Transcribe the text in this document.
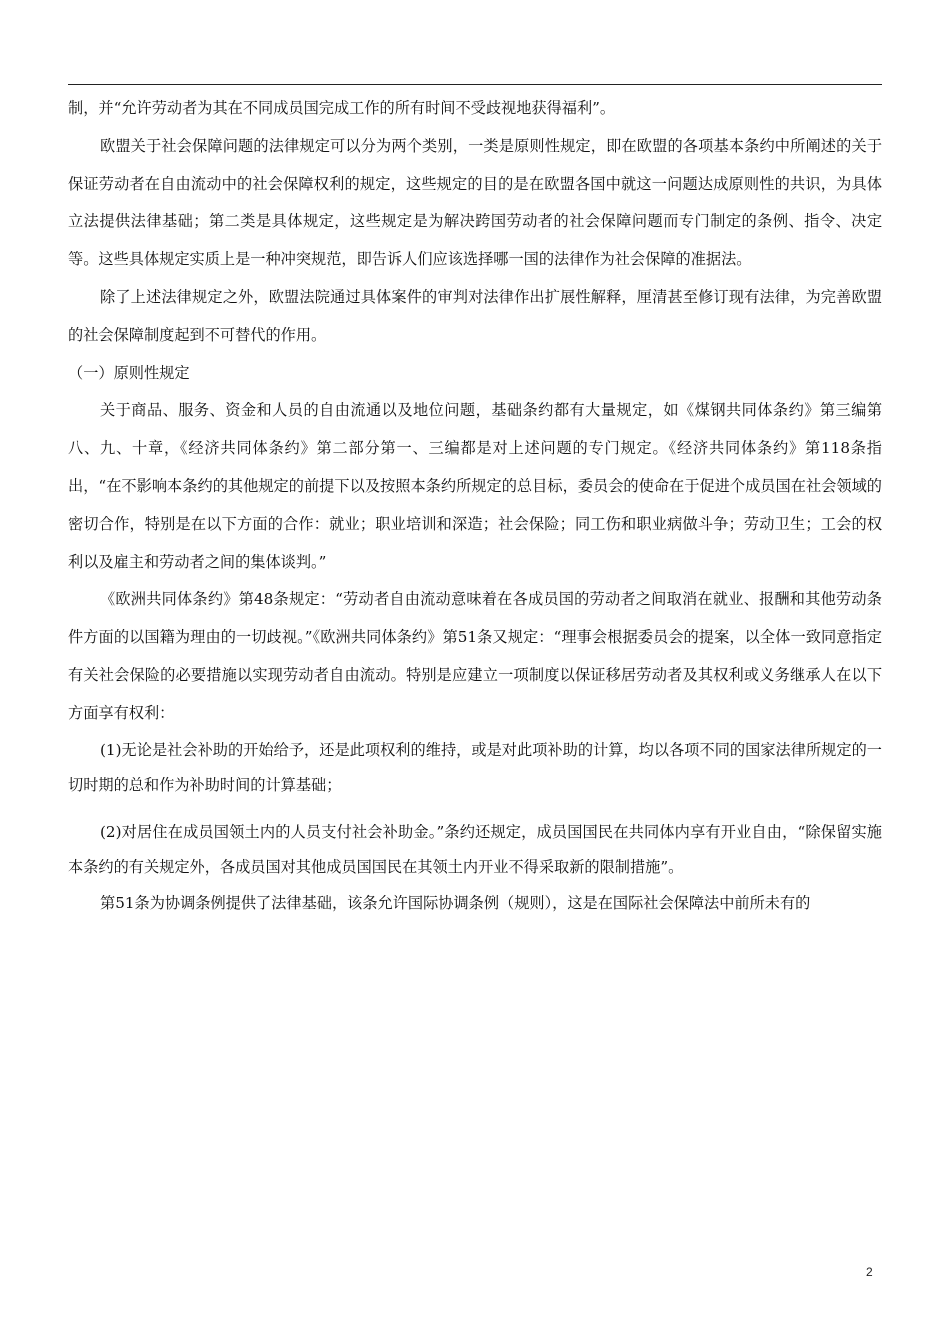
制，并“允许劳动者为其在不同成员国完成工作的所有时间不受歧视地获得福利”。

欧盟关于社会保障问题的法律规定可以分为两个类别，一类是原则性规定，即在欧盟的各项基本条约中所阐述的关于保证劳动者在自由流动中的社会保障权利的规定，这些规定的目的是在欧盟各国中就这一问题达成原则性的共识，为具体立法提供法律基础；第二类是具体规定，这些规定是为解决跨国劳动者的社会保障问题而专门制定的条例、指令、决定等。这些具体规定实质上是一种冲突规范，即告诉人们应该选择哪一国的法律作为社会保障的准据法。

除了上述法律规定之外，欧盟法院通过具体案件的审判对法律作出扩展性解释，厘清甚至修订现有法律，为完善欧盟的社会保障制度起到不可替代的作用。

（一）原则性规定

关于商品、服务、资金和人员的自由流通以及地位问题，基础条约都有大量规定，如《煤钢共同体条约》第三编第八、九、十章，《经济共同体条约》第二部分第一、三编都是对上述问题的专门规定。《经济共同体条约》第118条指出，“在不影响本条约的其他规定的前提下以及按照本条约所规定的总目标，委员会的使命在于促进个成员国在社会领域的密切合作，特别是在以下方面的合作：就业；职业培训和深造；社会保险；同工伤和职业病做斗争；劳动卫生；工会的权利以及雇主和劳动者之间的集体谈判。”

《欧洲共同体条约》第48条规定：“劳动者自由流动意味着在各成员国的劳动者之间取消在就业、报酬和其他劳动条件方面的以国籍为理由的一切歧视。”《欧洲共同体条约》第51条又规定：“理事会根据委员会的提案，以全体一致同意指定有关社会保险的必要措施以实现劳动者自由流动。特别是应建立一项制度以保证移居劳动者及其权利或义务继承人在以下方面享有权利：

(1)无论是社会补助的开始给予，还是此项权利的维持，或是对此项补助的计算，均以各项不同的国家法律所规定的一切时期的总和作为补助时间的计算基础；

(2)对居住在成员国领土内的人员支付社会补助金。”条约还规定，成员国国民在共同体内享有开业自由，“除保留实施本条约的有关规定外，各成员国对其他成员国国民在其领土内开业不得采取新的限制措施”。

第51条为协调条例提供了法律基础，该条允许国际协调条例（规则），这是在国际社会保障法中前所未有的

2
